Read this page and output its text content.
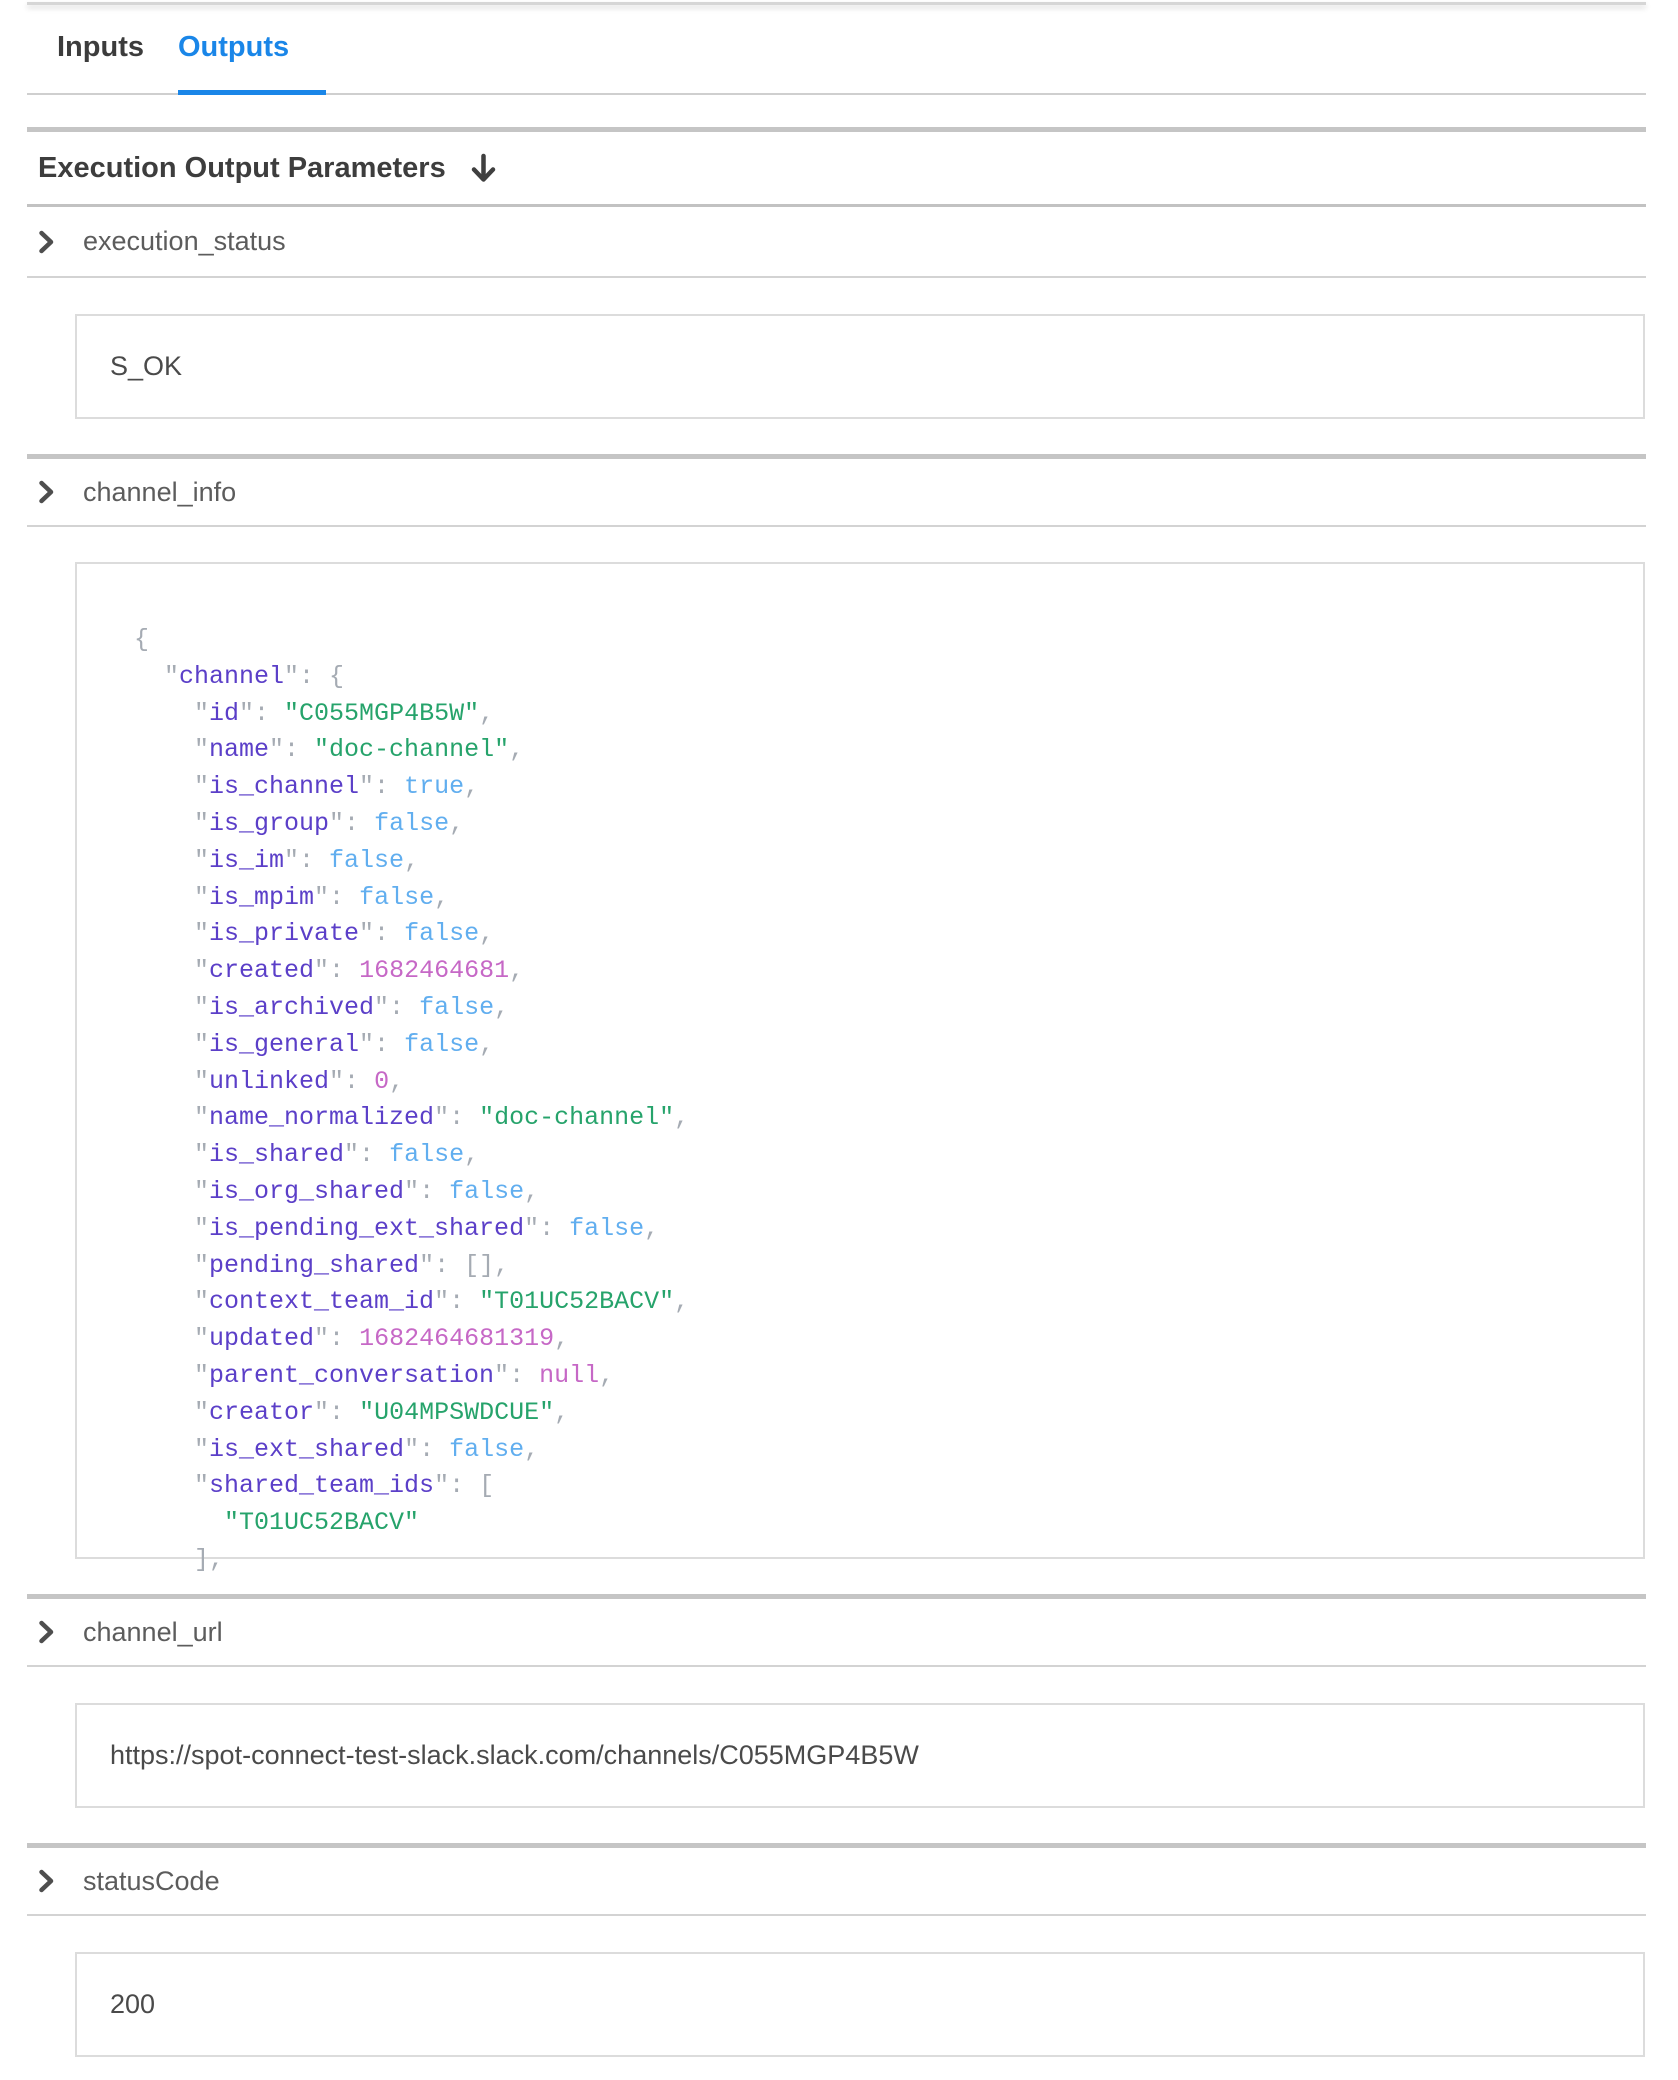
Inputs Outputs
Execution Output Parameters
execution_status
S_OK
channel_info
{
"channel": {
"id": "C055MGP4B5W",
"name": "doc-channel",
"is_channel": true,
"is_group": false,
"is_im": false,
"is_mpim": false,
"is_private": false,
"created": 1682464681,
"is_archived": false,
"is_general": false,
"unlinked": 0,
"name_normalized": "doc-channel",
"is_shared": false,
"is_org_shared": false,
"is_pending_ext_shared": false,
"pending_shared": [],
"context_team_id": "T01UC52BACV",
"updated": 1682464681319,
"parent_conversation": null,
"creator": "U04MPSWDCUE",
"is_ext_shared": false,
"shared_team_ids": [
"T01UC52BACV"
],
channel_url
https://spot-connect-test-slack.slack.com/channels/C055MGP4B5W
statusCode
200
